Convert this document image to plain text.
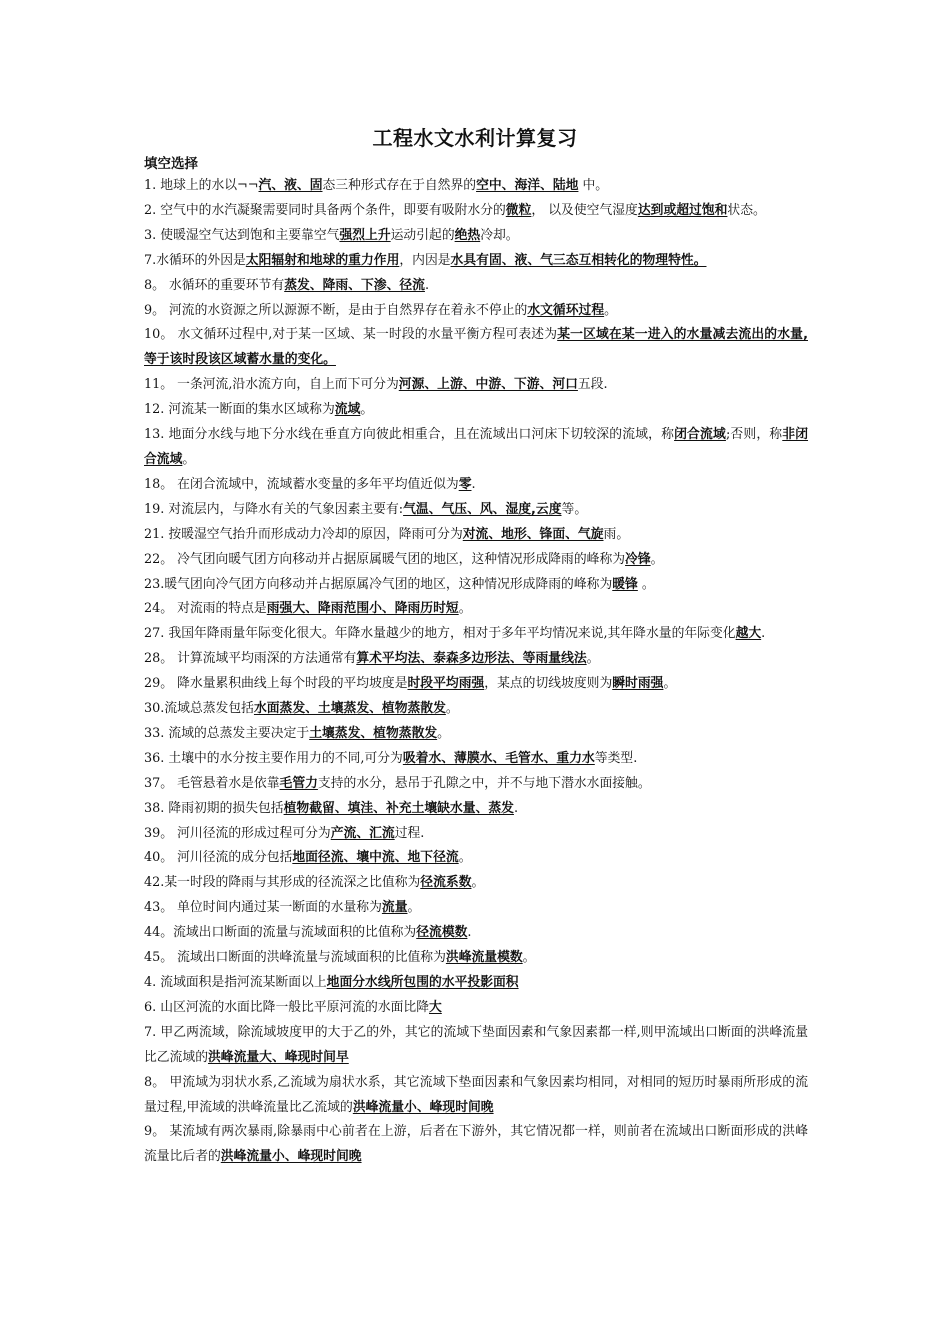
工程水文水利计算复习
填空选择

1. 地球上的水以¬¬汽、液、固态三种形式存在于自然界的空中、海洋、陆地 中。

2. 空气中的水汽凝聚需要同时具备两个条件，即要有吸附水分的微粒， 以及使空气湿度达到或超过饱和状态。

3. 使暖湿空气达到饱和主要靠空气强烈上升运动引起的绝热冷却。

7.水循环的外因是太阳辐射和地球的重力作用，内因是水具有固、液、气三态互相转化的物理特性。

8。 水循环的重要环节有蒸发、降雨、下渗、径流.

9。 河流的水资源之所以源源不断，是由于自然界存在着永不停止的水文循环过程。

10。 水文循环过程中,对于某一区域、某一时段的水量平衡方程可表述为某一区域在某一进入的水量减去流出的水量,等于该时段该区域蓄水量的变化。

11。 一条河流,沿水流方向，自上而下可分为河源、上游、中游、下游、河口五段.

12. 河流某一断面的集水区域称为流域。

13. 地面分水线与地下分水线在垂直方向彼此相重合，且在流域出口河床下切较深的流域，称闭合流域;否则，称非闭合流域。

18。 在闭合流域中，流域蓄水变量的多年平均值近似为零.

19. 对流层内，与降水有关的气象因素主要有:气温、气压、风、湿度,云度等。

21. 按暖湿空气抬升而形成动力冷却的原因，降雨可分为对流、地形、锋面、气旋雨。

22。 冷气团向暖气团方向移动并占据原属暖气团的地区，这种情况形成降雨的峰称为冷锋。

23.暖气团向冷气团方向移动并占据原属冷气团的地区，这种情况形成降雨的峰称为暖锋 。

24。 对流雨的特点是雨强大、降雨范围小、降雨历时短。

27. 我国年降雨量年际变化很大。年降水量越少的地方，相对于多年平均情况来说,其年降水量的年际变化越大.

28。 计算流域平均雨深的方法通常有算术平均法、泰森多边形法、等雨量线法。

29。 降水量累积曲线上每个时段的平均坡度是时段平均雨强，某点的切线坡度则为瞬时雨强。

30.流域总蒸发包括水面蒸发、土壤蒸发、植物蒸散发。

33. 流域的总蒸发主要决定于土壤蒸发、植物蒸散发。

36. 土壤中的水分按主要作用力的不同,可分为吸着水、薄膜水、毛管水、重力水等类型.

37。 毛管悬着水是依靠毛管力支持的水分，悬吊于孔隙之中，并不与地下潜水水面接触。

38. 降雨初期的损失包括植物截留、填洼、补充土壤缺水量、蒸发.

39。 河川径流的形成过程可分为产流、汇流过程.

40。 河川径流的成分包括地面径流、壤中流、地下径流。

42.某一时段的降雨与其形成的径流深之比值称为径流系数。

43。 单位时间内通过某一断面的水量称为流量。

44。流域出口断面的流量与流域面积的比值称为径流模数.

45。 流域出口断面的洪峰流量与流域面积的比值称为洪峰流量模数。

4. 流域面积是指河流某断面以上地面分水线所包围的水平投影面积

6. 山区河流的水面比降一般比平原河流的水面比降大

7. 甲乙两流域，除流域坡度甲的大于乙的外，其它的流域下垫面因素和气象因素都一样,则甲流域出口断面的洪峰流量比乙流域的洪峰流量大、峰现时间早

8。 甲流域为羽状水系,乙流域为扇状水系，其它流域下垫面因素和气象因素均相同，对相同的短历时暴雨所形成的流量过程,甲流域的洪峰流量比乙流域的洪峰流量小、峰现时间晚

9。 某流域有两次暴雨,除暴雨中心前者在上游，后者在下游外，其它情况都一样，则前者在流域出口断面形成的洪峰流量比后者的洪峰流量小、峰现时间晚
